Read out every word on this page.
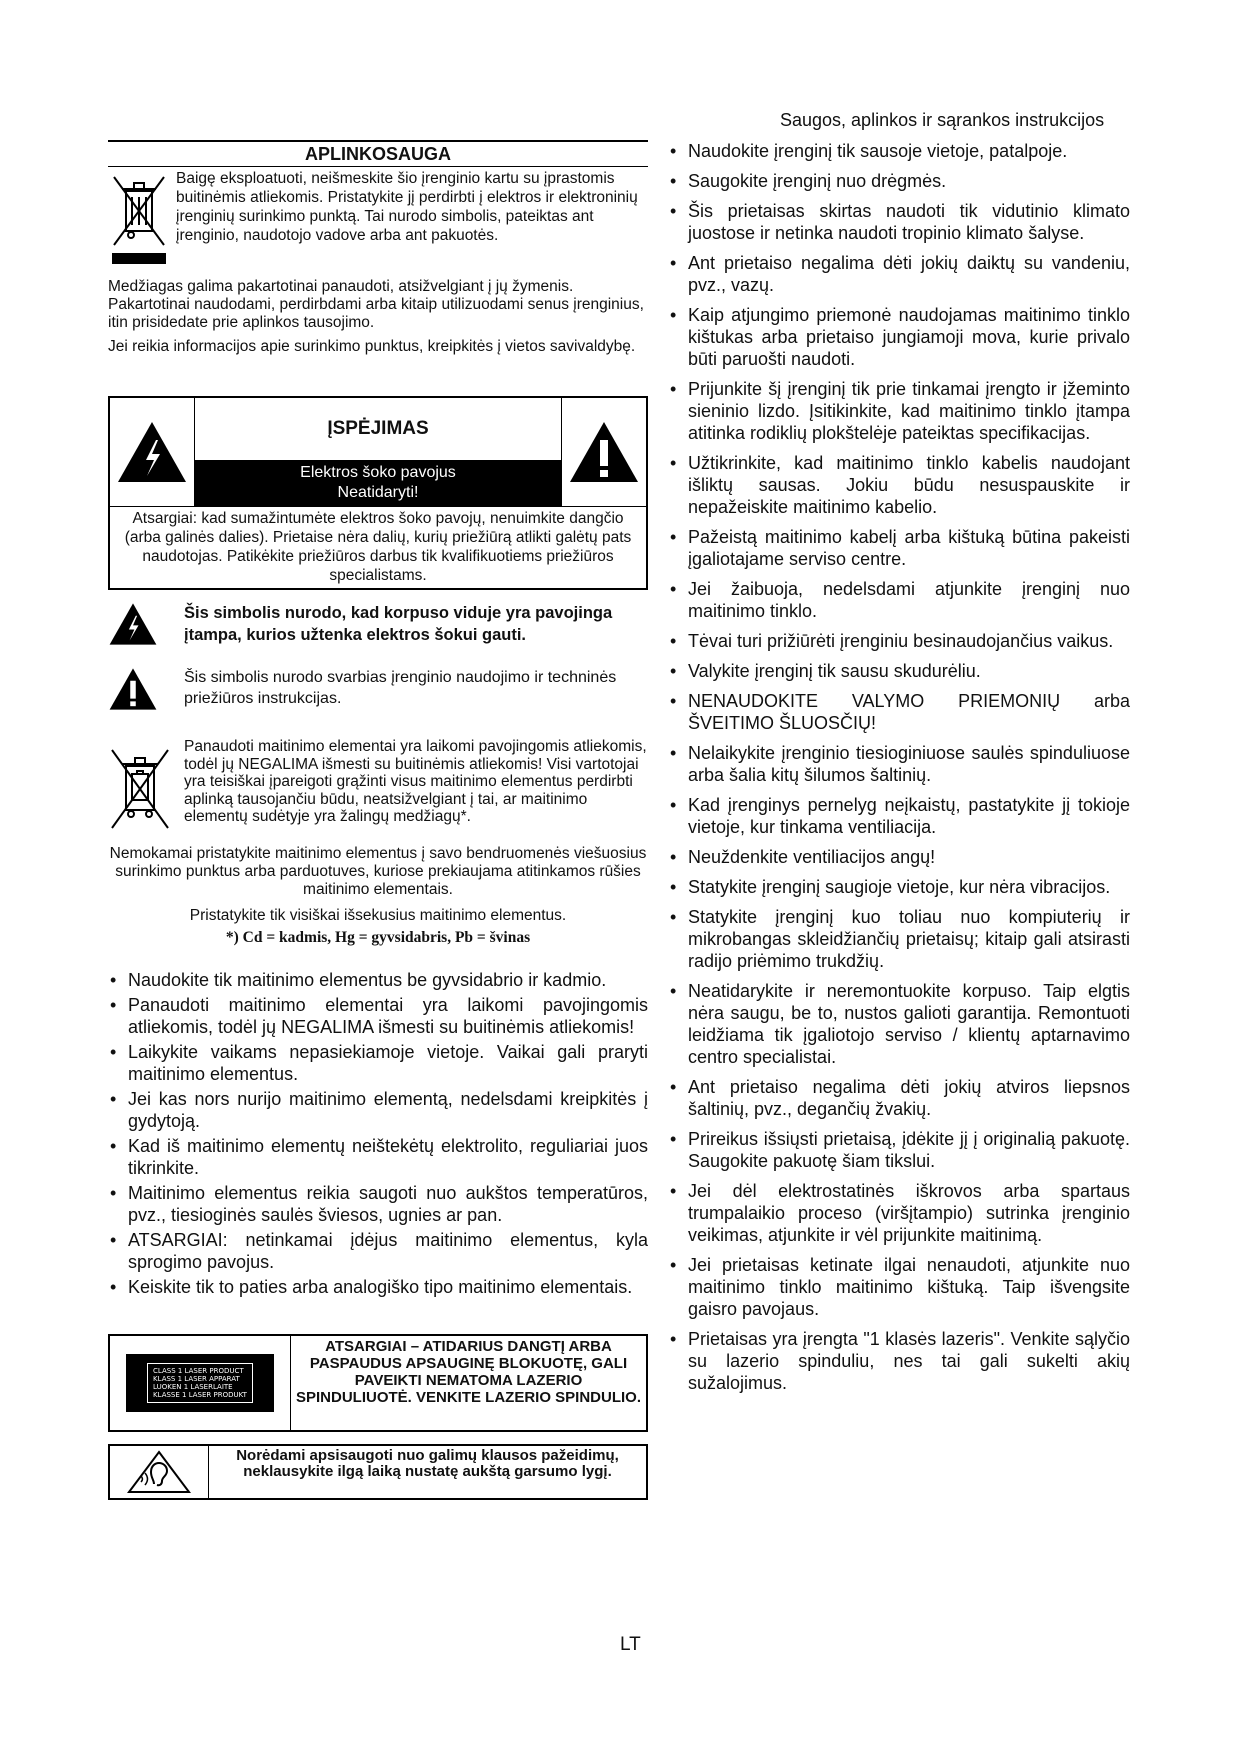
Saugos, aplinkos ir sąrankos instrukcijos
APLINKOSAUGA
Baigę eksploatuoti, neišmeskite šio įrenginio kartu su įprastomis buitinėmis atliekomis. Pristatykite jį perdirbti į elektros ir elektroninių įrenginių surinkimo punktą. Tai nurodo simbolis, pateiktas ant įrenginio, naudotojo vadove arba ant pakuotės.
Medžiagas galima pakartotinai panaudoti, atsižvelgiant į jų žymenis. Pakartotinai naudodami, perdirbdami arba kitaip utilizuodami senus įrenginius, itin prisidedate prie aplinkos tausojimo.
Jei reikia informacijos apie surinkimo punktus, kreipkitės į vietos savivaldybę.
ĮSPĖJIMAS
Elektros šoko pavojus
Neatidaryti!
Atsargiai: kad sumažintumėte elektros šoko pavojų, nenuimkite dangčio (arba galinės dalies). Prietaise nėra dalių, kurių priežiūrą atlikti galėtų pats naudotojas. Patikėkite priežiūros darbus tik kvalifikuotiems priežiūros specialistams.
Šis simbolis nurodo, kad korpuso viduje yra pavojinga įtampa, kurios užtenka elektros šokui gauti.
Šis simbolis nurodo svarbias įrenginio naudojimo ir techninės priežiūros instrukcijas.
Panaudoti maitinimo elementai yra laikomi pavojingomis atliekomis, todėl jų NEGALIMA išmesti su buitinėmis atliekomis! Visi vartotojai yra teisiškai įpareigoti grąžinti visus maitinimo elementus perdirbti aplinką tausojančiu būdu, neatsižvelgiant į tai, ar maitinimo elementų sudėtyje yra žalingų medžiagų*.
Nemokamai pristatykite maitinimo elementus į savo bendruomenės viešuosius surinkimo punktus arba parduotuves, kuriose prekiaujama atitinkamos rūšies maitinimo elementais.
Pristatykite tik visiškai išsekusius maitinimo elementus.
*) Cd = kadmis, Hg = gyvsidabris, Pb = švinas
• Naudokite tik maitinimo elementus be gyvsidabrio ir kadmio.
• Panaudoti maitinimo elementai yra laikomi pavojingomis atliekomis, todėl jų NEGALIMA išmesti su buitinėmis atliekomis!
• Laikykite vaikams nepasiekiamoje vietoje. Vaikai gali praryti maitinimo elementus.
• Jei kas nors nurijo maitinimo elementą, nedelsdami kreipkitės į gydytoją.
• Kad iš maitinimo elementų neištekėtų elektrolito, reguliariai juos tikrinkite.
• Maitinimo elementus reikia saugoti nuo aukštos temperatūros, pvz., tiesioginės saulės šviesos, ugnies ar pan.
• ATSARGIAI: netinkamai įdėjus maitinimo elementus, kyla sprogimo pavojus.
• Keiskite tik to paties arba analogiško tipo maitinimo elementais.
CLASS 1 LASER PRODUCT
KLASS 1 LASER APPARAT
LUOKEN 1 LASERLAITE
KLASSE 1 LASER PRODUKT
ATSARGIAI – ATIDARIUS DANGTĮ ARBA PASPAUDUS APSAUGINĘ BLOKUOTĘ, GALI PAVEIKTI NEMATOMA LAZERIO SPINDULIUOTĖ. VENKITE LAZERIO SPINDULIO.
Norėdami apsisaugoti nuo galimų klausos pažeidimų, neklausykite ilgą laiką nustatę aukštą garsumo lygį.
• Naudokite įrenginį tik sausoje vietoje, patalpoje.
• Saugokite įrenginį nuo drėgmės.
• Šis prietaisas skirtas naudoti tik vidutinio klimato juostose ir netinka naudoti tropinio klimato šalyse.
• Ant prietaiso negalima dėti jokių daiktų su vandeniu, pvz., vazų.
• Kaip atjungimo priemonė naudojamas maitinimo tinklo kištukas arba prietaiso jungiamoji mova, kurie privalo būti paruošti naudoti.
• Prijunkite šį įrenginį tik prie tinkamai įrengto ir įžeminto sieninio lizdo. Įsitikinkite, kad maitinimo tinklo įtampa atitinka rodiklių plokštelėje pateiktas specifikacijas.
• Užtikrinkite, kad maitinimo tinklo kabelis naudojant išliktų sausas. Jokiu būdu nesuspauskite ir nepažeiskite maitinimo kabelio.
• Pažeistą maitinimo kabelį arba kištuką būtina pakeisti įgaliotajame serviso centre.
• Jei žaibuoja, nedelsdami atjunkite įrenginį nuo maitinimo tinklo.
• Tėvai turi prižiūrėti įrenginiu besinaudojančius vaikus.
• Valykite įrenginį tik sausu skudurėliu.
• NENAUDOKITE VALYMO PRIEMONIŲ arba ŠVEITIMO ŠLUOSČIŲ!
• Nelaikykite įrenginio tiesioginiuose saulės spinduliuose arba šalia kitų šilumos šaltinių.
• Kad įrenginys pernelyg neįkaistų, pastatykite jį tokioje vietoje, kur tinkama ventiliacija.
• Neuždenkite ventiliacijos angų!
• Statykite įrenginį saugioje vietoje, kur nėra vibracijos.
• Statykite įrenginį kuo toliau nuo kompiuterių ir mikrobangas skleidžiančių prietaisų; kitaip gali atsirasti radijo priėmimo trukdžių.
• Neatidarykite ir neremontuokite korpuso. Taip elgtis nėra saugu, be to, nustos galioti garantija. Remontuoti leidžiama tik įgaliotojo serviso / klientų aptarnavimo centro specialistai.
• Ant prietaiso negalima dėti jokių atviros liepsnos šaltinių, pvz., degančių žvakių.
• Prireikus išsiųsti prietaisą, įdėkite jį į originalią pakuotę. Saugokite pakuotę šiam tikslui.
• Jei dėl elektrostatinės iškrovos arba spartaus trumpalaikio proceso (viršįtampio) sutrinka įrenginio veikimas, atjunkite ir vėl prijunkite maitinimą.
• Jei prietaisas ketinate ilgai nenaudoti, atjunkite nuo maitinimo tinklo maitinimo kištuką. Taip išvengsite gaisro pavojaus.
• Prietaisas yra įrengta "1 klasės lazeris". Venkite sąlyčio su lazerio spinduliu, nes tai gali sukelti akių sužalojimus.
LT
